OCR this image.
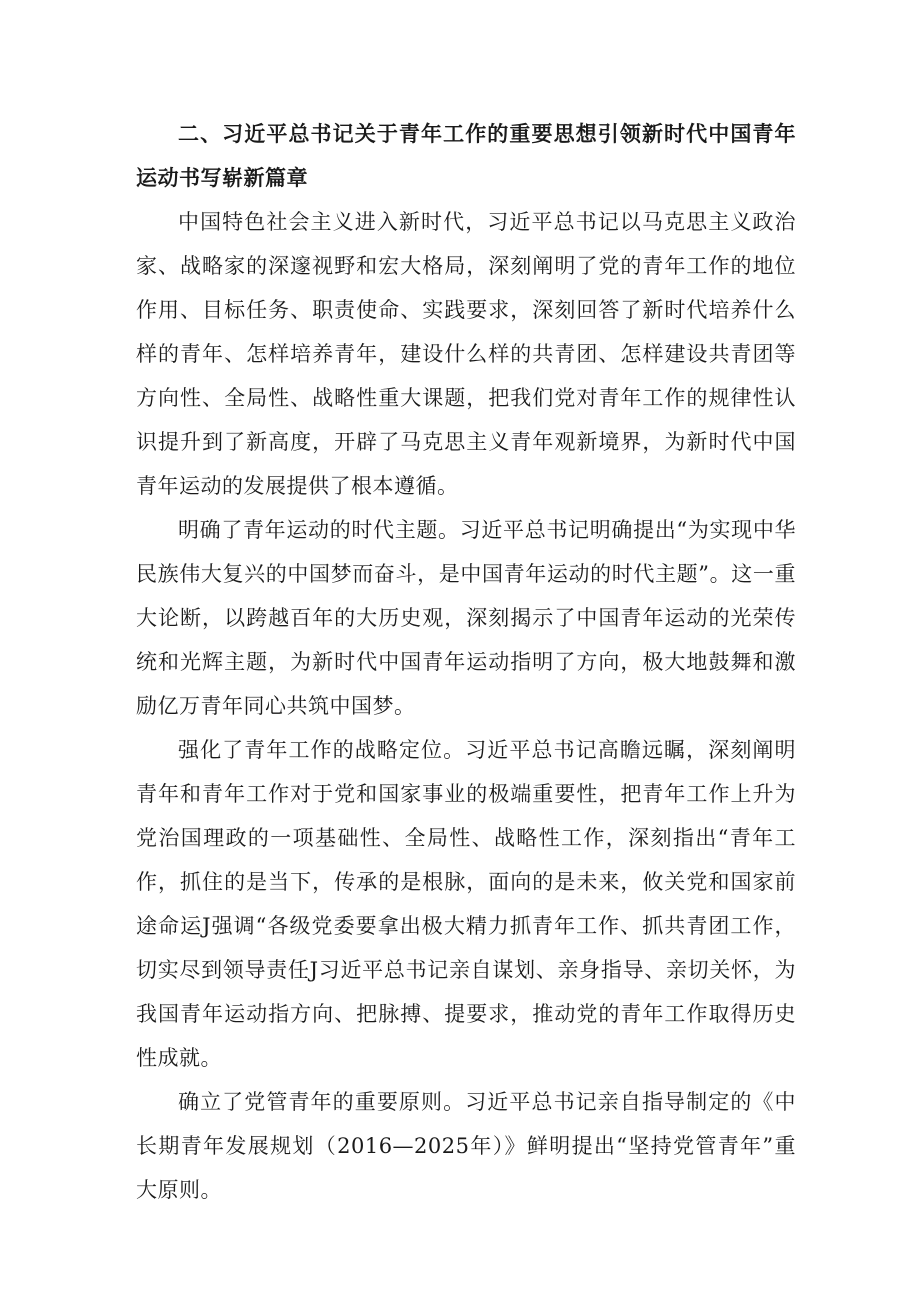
二、习近平总书记关于青年工作的重要思想引领新时代中国青年运动书写崭新篇章

中国特色社会主义进入新时代，习近平总书记以马克思主义政治家、战略家的深邃视野和宏大格局，深刻阐明了党的青年工作的地位作用、目标任务、职责使命、实践要求，深刻回答了新时代培养什么样的青年、怎样培养青年，建设什么样的共青团、怎样建设共青团等方向性、全局性、战略性重大课题，把我们党对青年工作的规律性认识提升到了新高度，开辟了马克思主义青年观新境界，为新时代中国青年运动的发展提供了根本遵循。

明确了青年运动的时代主题。习近平总书记明确提出“为实现中华民族伟大复兴的中国梦而奋斗，是中国青年运动的时代主题”。这一重大论断，以跨越百年的大历史观，深刻揭示了中国青年运动的光荣传统和光辉主题，为新时代中国青年运动指明了方向，极大地鼓舞和激励亿万青年同心共筑中国梦。

强化了青年工作的战略定位。习近平总书记高瞻远瞩，深刻阐明青年和青年工作对于党和国家事业的极端重要性，把青年工作上升为党治国理政的一项基础性、全局性、战略性工作，深刻指出“青年工作，抓住的是当下，传承的是根脉，面向的是未来，攸关党和国家前途命运J强调“各级党委要拿出极大精力抓青年工作、抓共青团工作，切实尽到领导责任J习近平总书记亲自谋划、亲身指导、亲切关怀，为我国青年运动指方向、把脉搏、提要求，推动党的青年工作取得历史性成就。

确立了党管青年的重要原则。习近平总书记亲自指导制定的《中长期青年发展规划（2016—2025年）》鲜明提出“坚持党管青年”重大原则。
